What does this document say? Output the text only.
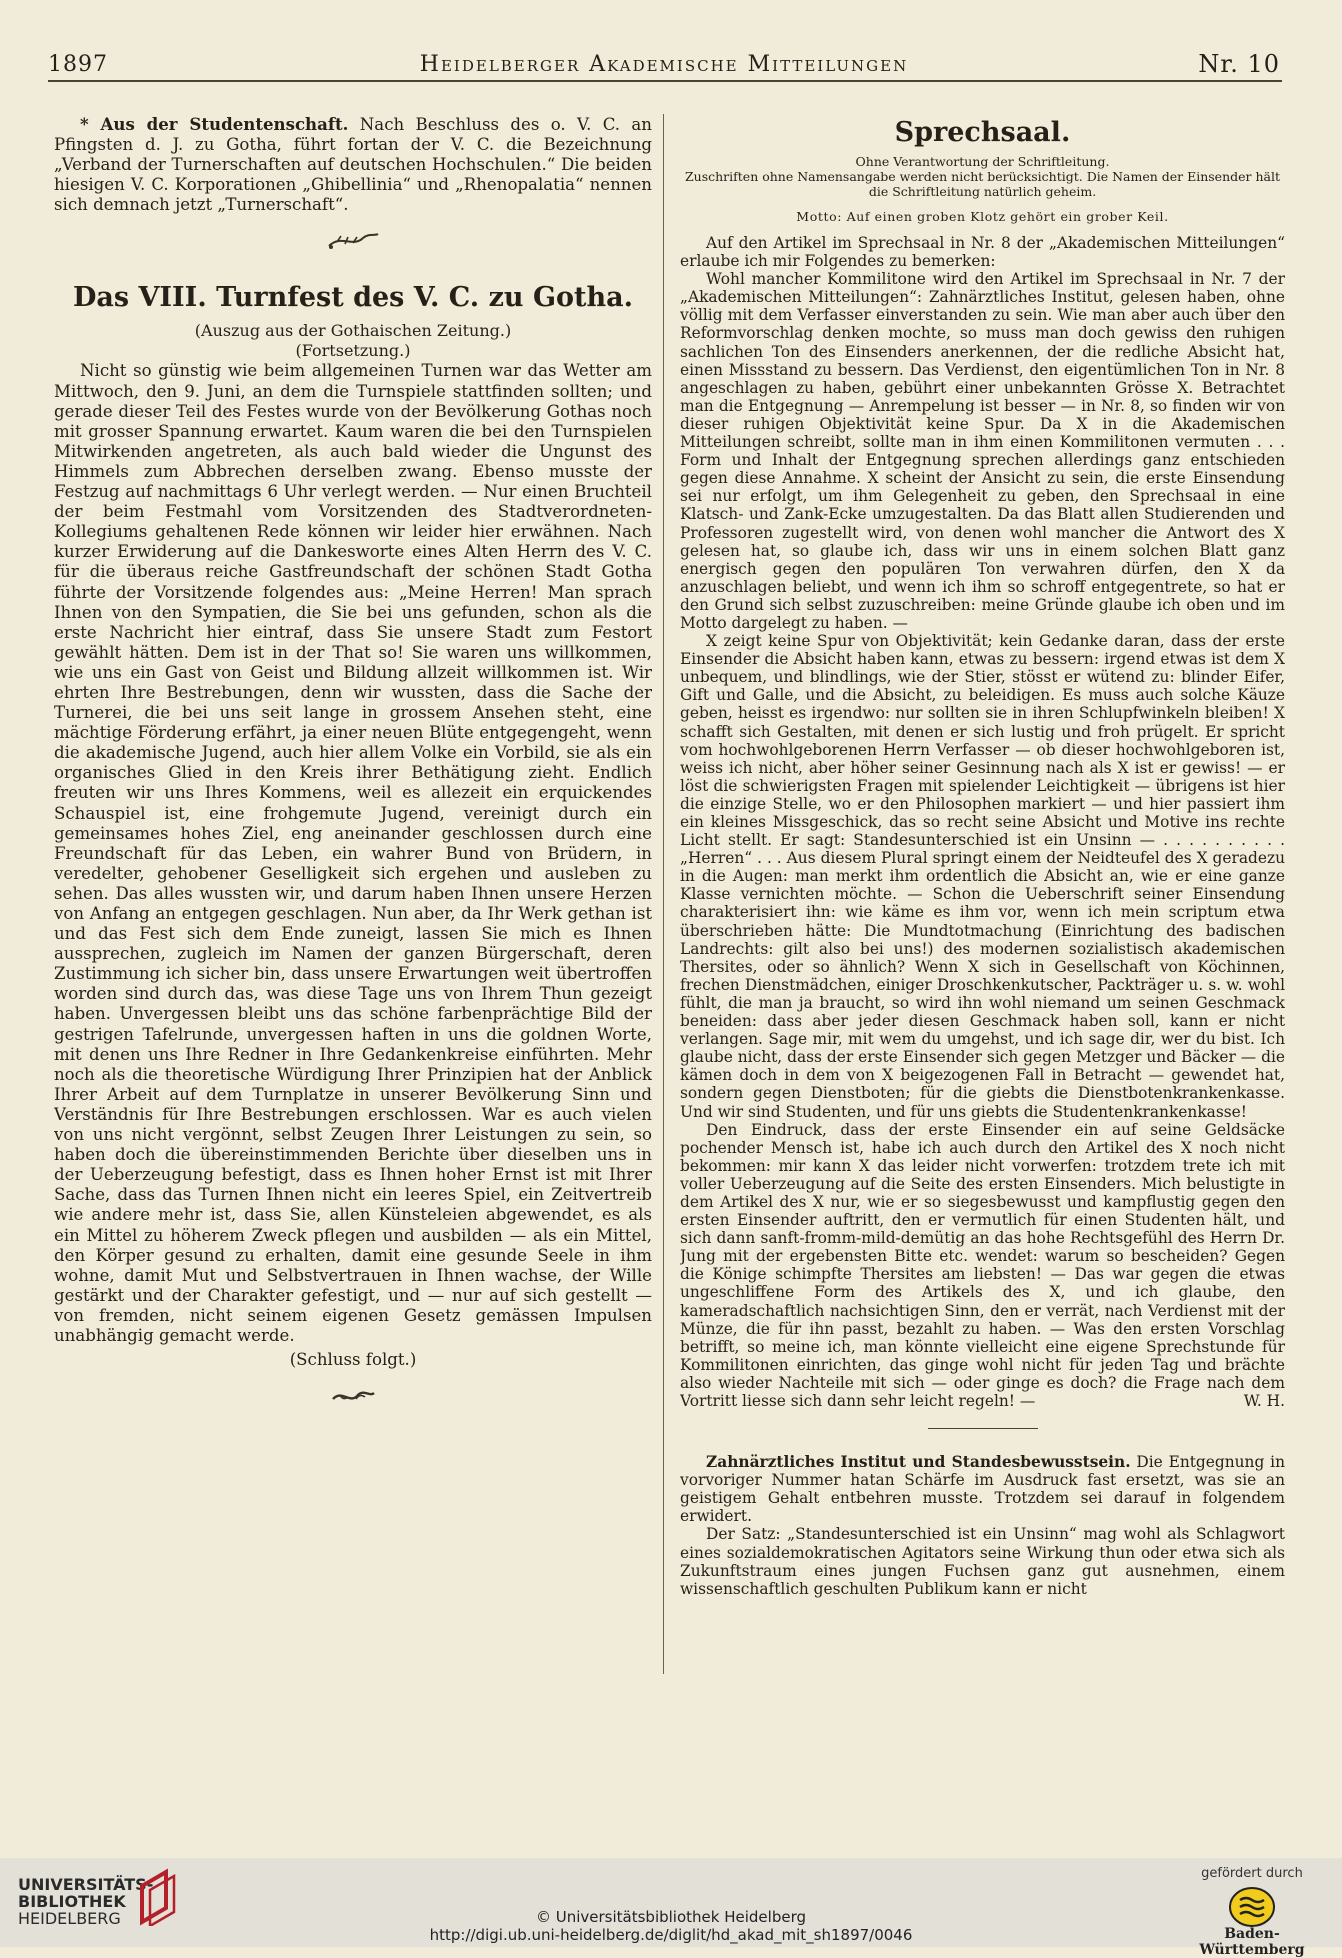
1897	Heidelberger Akademische Mitteilungen	Nr. 10

* Aus der Studentenschaft. Nach Beschluss des o. V. C. an Pfingsten d. J. zu Gotha, führt fortan der V. C. die Bezeichnung „Verband der Turnerschaften auf deutschen Hochschulen.“ Die beiden hiesigen V. C. Korporationen „Ghibellinia“ und „Rhenopalatia“ nennen sich demnach jetzt „Turnerschaft“.

Das VIII. Turnfest des V. C. zu Gotha.
(Auszug aus der Gothaischen Zeitung.)
(Fortsetzung.)

Nicht so günstig wie beim allgemeinen Turnen war das Wetter am Mittwoch, den 9. Juni, an dem die Turnspiele stattfinden sollten; und gerade dieser Teil des Festes wurde von der Bevölkerung Gothas noch mit grosser Spannung erwartet. Kaum waren die bei den Turnspielen Mitwirkenden angetreten, als auch bald wieder die Ungunst des Himmels zum Abbrechen derselben zwang. Ebenso musste der Festzug auf nachmittags 6 Uhr verlegt werden. — Nur einen Bruchteil der beim Festmahl vom Vorsitzenden des Stadtverordneten-Kollegiums gehaltenen Rede können wir leider hier erwähnen. Nach kurzer Erwiderung auf die Dankesworte eines Alten Herrn des V. C. für die überaus reiche Gastfreundschaft der schönen Stadt Gotha führte der Vorsitzende folgendes aus: „Meine Herren! Man sprach Ihnen von den Sympatien, die Sie bei uns gefunden, schon als die erste Nachricht hier eintraf, dass Sie unsere Stadt zum Festort gewählt hätten. Dem ist in der That so! Sie waren uns willkommen, wie uns ein Gast von Geist und Bildung allzeit willkommen ist. Wir ehrten Ihre Bestrebungen, denn wir wussten, dass die Sache der Turnerei, die bei uns seit lange in grossem Ansehen steht, eine mächtige Förderung erfährt, ja einer neuen Blüte entgegengeht, wenn die akademische Jugend, auch hier allem Volke ein Vorbild, sie als ein organisches Glied in den Kreis ihrer Bethätigung zieht. Endlich freuten wir uns Ihres Kommens, weil es allezeit ein erquickendes Schauspiel ist, eine frohgemute Jugend, vereinigt durch ein gemeinsames hohes Ziel, eng aneinander geschlossen durch eine Freundschaft für das Leben, ein wahrer Bund von Brüdern, in veredelter, gehobener Geselligkeit sich ergehen und ausleben zu sehen. Das alles wussten wir, und darum haben Ihnen unsere Herzen von Anfang an entgegen geschlagen. Nun aber, da Ihr Werk gethan ist und das Fest sich dem Ende zuneigt, lassen Sie mich es Ihnen aussprechen, zugleich im Namen der ganzen Bürgerschaft, deren Zustimmung ich sicher bin, dass unsere Erwartungen weit übertroffen worden sind durch das, was diese Tage uns von Ihrem Thun gezeigt haben. Unvergessen bleibt uns das schöne farbenprächtige Bild der gestrigen Tafelrunde, unvergessen haften in uns die goldnen Worte, mit denen uns Ihre Redner in Ihre Gedankenkreise einführten. Mehr noch als die theoretische Würdigung Ihrer Prinzipien hat der Anblick Ihrer Arbeit auf dem Turnplatze in unserer Bevölkerung Sinn und Verständnis für Ihre Bestrebungen erschlossen. War es auch vielen von uns nicht vergönnt, selbst Zeugen Ihrer Leistungen zu sein, so haben doch die übereinstimmenden Berichte über dieselben uns in der Ueberzeugung befestigt, dass es Ihnen hoher Ernst ist mit Ihrer Sache, dass das Turnen Ihnen nicht ein leeres Spiel, ein Zeitvertreib wie andere mehr ist, dass Sie, allen Künsteleien abgewendet, es als ein Mittel zu höherem Zweck pflegen und ausbilden — als ein Mittel, den Körper gesund zu erhalten, damit eine gesunde Seele in ihm wohne, damit Mut und Selbstvertrauen in Ihnen wachse, der Wille gestärkt und der Charakter gefestigt, und — nur auf sich gestellt — von fremden, nicht seinem eigenen Gesetz gemässen Impulsen unabhängig gemacht werde.

(Schluss folgt.)
Sprechsaal.
Ohne Verantwortung der Schriftleitung.
Zuschriften ohne Namensangabe werden nicht berücksichtigt. Die Namen der Einsender hält die Schriftleitung natürlich geheim.
Motto: Auf einen groben Klotz gehört ein grober Keil.

Auf den Artikel im Sprechsaal in Nr. 8 der „Akademischen Mitteilungen“ erlaube ich mir Folgendes zu bemerken:

Wohl mancher Kommilitone wird den Artikel im Sprechsaal in Nr. 7 der „Akademischen Mitteilungen“: Zahnärztliches Institut, gelesen haben, ohne völlig mit dem Verfasser einverstanden zu sein. Wie man aber auch über den Reformvorschlag denken mochte, so muss man doch gewiss den ruhigen sachlichen Ton des Einsenders anerkennen, der die redliche Absicht hat, einen Missstand zu bessern. Das Verdienst, den eigentümlichen Ton in Nr. 8 angeschlagen zu haben, gebührt einer unbekannten Grösse X. Betrachtet man die Entgegnung — Anrempelung ist besser — in Nr. 8, so finden wir von dieser ruhigen Objektivität keine Spur. Da X in die Akademischen Mitteilungen schreibt, sollte man in ihm einen Kommilitonen vermuten . . . Form und Inhalt der Entgegnung sprechen allerdings ganz entschieden gegen diese Annahme. X scheint der Ansicht zu sein, die erste Einsendung sei nur erfolgt, um ihm Gelegenheit zu geben, den Sprechsaal in eine Klatsch- und Zank-Ecke umzugestalten. Da das Blatt allen Studierenden und Professoren zugestellt wird, von denen wohl mancher die Antwort des X gelesen hat, so glaube ich, dass wir uns in einem solchen Blatt ganz energisch gegen den populären Ton verwahren dürfen, den X da anzuschlagen beliebt, und wenn ich ihm so schroff entgegentrete, so hat er den Grund sich selbst zuzuschreiben: meine Gründe glaube ich oben und im Motto dargelegt zu haben. —

X zeigt keine Spur von Objektivität; kein Gedanke daran, dass der erste Einsender die Absicht haben kann, etwas zu bessern: irgend etwas ist dem X unbequem, und blindlings, wie der Stier, stösst er wütend zu: blinder Eifer, Gift und Galle, und die Absicht, zu beleidigen. Es muss auch solche Käuze geben, heisst es irgendwo: nur sollten sie in ihren Schlupfwinkeln bleiben! X schafft sich Gestalten, mit denen er sich lustig und froh prügelt. Er spricht vom hochwohlgeborenen Herrn Verfasser — ob dieser hochwohlgeboren ist, weiss ich nicht, aber höher seiner Gesinnung nach als X ist er gewiss! — er löst die schwierigsten Fragen mit spielender Leichtigkeit — übrigens ist hier die einzige Stelle, wo er den Philosophen markiert — und hier passiert ihm ein kleines Missgeschick, das so recht seine Absicht und Motive ins rechte Licht stellt. Er sagt: Standesunterschied ist ein Unsinn — . . . . . . . . . . „Herren“ . . . Aus diesem Plural springt einem der Neidteufel des X geradezu in die Augen: man merkt ihm ordentlich die Absicht an, wie er eine ganze Klasse vernichten möchte. — Schon die Ueberschrift seiner Einsendung charakterisiert ihn: wie käme es ihm vor, wenn ich mein scriptum etwa überschrieben hätte: Die Mundtotmachung (Einrichtung des badischen Landrechts: gilt also bei uns!) des modernen sozialistisch akademischen Thersites, oder so ähnlich? Wenn X sich in Gesellschaft von Köchinnen, frechen Dienstmädchen, einiger Droschkenkutscher, Packträger u. s. w. wohl fühlt, die man ja braucht, so wird ihn wohl niemand um seinen Geschmack beneiden: dass aber jeder diesen Geschmack haben soll, kann er nicht verlangen. Sage mir, mit wem du umgehst, und ich sage dir, wer du bist. Ich glaube nicht, dass der erste Einsender sich gegen Metzger und Bäcker — die kämen doch in dem von X beigezogenen Fall in Betracht — gewendet hat, sondern gegen Dienstboten; für die giebts die Dienstbotenkrankenkasse. Und wir sind Studenten, und für uns giebts die Studentenkrankenkasse!

Den Eindruck, dass der erste Einsender ein auf seine Geldsäcke pochender Mensch ist, habe ich auch durch den Artikel des X noch nicht bekommen: mir kann X das leider nicht vorwerfen: trotzdem trete ich mit voller Ueberzeugung auf die Seite des ersten Einsenders. Mich belustigte in dem Artikel des X nur, wie er so siegesbewusst und kampflustig gegen den ersten Einsender auftritt, den er vermutlich für einen Studenten hält, und sich dann sanft-fromm-mild-demütig an das hohe Rechtsgefühl des Herrn Dr. Jung mit der ergebensten Bitte etc. wendet: warum so bescheiden? Gegen die Könige schimpfte Thersites am liebsten! — Das war gegen die etwas ungeschliffene Form des Artikels des X, und ich glaube, den kameradschaftlich nachsichtigen Sinn, den er verrät, nach Verdienst mit der Münze, die für ihn passt, bezahlt zu haben. — Was den ersten Vorschlag betrifft, so meine ich, man könnte vielleicht eine eigene Sprechstunde für Kommilitonen einrichten, das ginge wohl nicht für jeden Tag und brächte also wieder Nachteile mit sich — oder ginge es doch? die Frage nach dem Vortritt liesse sich dann sehr leicht regeln! —	W. H.

Zahnärztliches Institut und Standesbewusstsein. Die Entgegnung in vorvoriger Nummer hatan Schärfe im Ausdruck fast ersetzt, was sie an geistigem Gehalt entbehren musste. Trotzdem sei darauf in folgendem erwidert.

Der Satz: „Standesunterschied ist ein Unsinn“ mag wohl als Schlagwort eines sozialdemokratischen Agitators seine Wirkung thun oder etwa sich als Zukunftstraum eines jungen Fuchsen ganz gut ausnehmen, einem wissenschaftlich geschulten Publikum kann er nicht

UNIVERSITÄTS-
BIBLIOTHEK
HEIDELBERG	© Universitätsbibliothek Heidelberg
http://digi.ub.uni-heidelberg.de/diglit/hd_akad_mit_sh1897/0046
gefördert durch
Baden-Württemberg
